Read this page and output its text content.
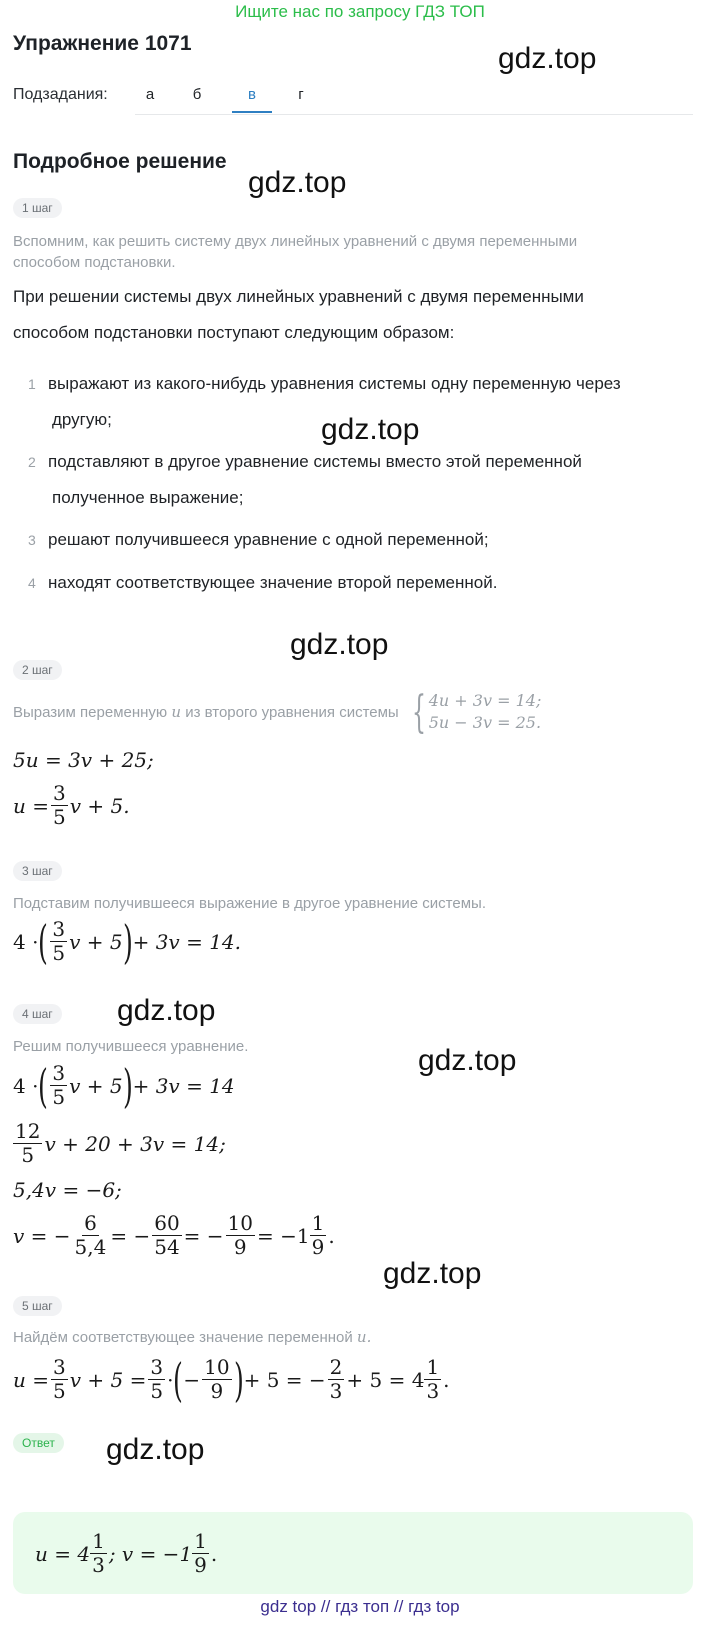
Ищите нас по запросу ГДЗ ТОП
Упражнение 1071	gdz.top
Подзадания:	а	б	в	г
Подробное решение
gdz.top
1 шаг
Вспомним, как решить систему двух линейных уравнений с двумя переменными
способом подстановки.
При решении системы двух линейных уравнений с двумя переменными
способом подстановки поступают следующим образом:
1 выражают из какого-нибудь уравнения системы одну переменную через
другую;	gdz.top
2 подставляют в другое уравнение системы вместо этой переменной
полученное выражение;
3 решают получившееся уравнение с одной переменной;
4 находят соответствующее значение второй переменной.
gdz.top
2 шаг
Выразим переменную
u
из второго уравнения системы { 4u + 3v = 14;
5u − 3v = 25.
5u = 3v + 25;
$u = \frac{3}{5}$ v + 5.
3 шаг
Подставим получившееся выражение в другое уравнение системы.
4 · ( $\frac{3}{5}$ v + 5 ) + 3v = 14.
4 шаг	gdz.top
Решим получившееся уравнение.	gdz.top
4 · ( $\frac{3}{5}$ v + 5 ) + 3v = 14
$\frac{12}{5}$ v + 20 + 3v = 14;
5,4v = −6;
v = − $\frac{6}{5,4}$ = − $\frac{60}{54}$ = − $\frac{10}{9} = -1 \frac{1}{9}$ .
gdz.top
5 шаг
Найдём соответствующее значение переменной
u.
$u = \frac{3}{5}$ $v + 5 = \frac{3}{5}$ · ( − $\frac{10}{9}$ ) + 5 = − $\frac{2}{3} + 5 = 4 \frac{1}{3}$ .
Ответ	gdz.top
$u = 4 \frac{1}{3}$ ; $v = -1 \frac{1}{9}$ .
gdz top // гдз топ // гдз top
